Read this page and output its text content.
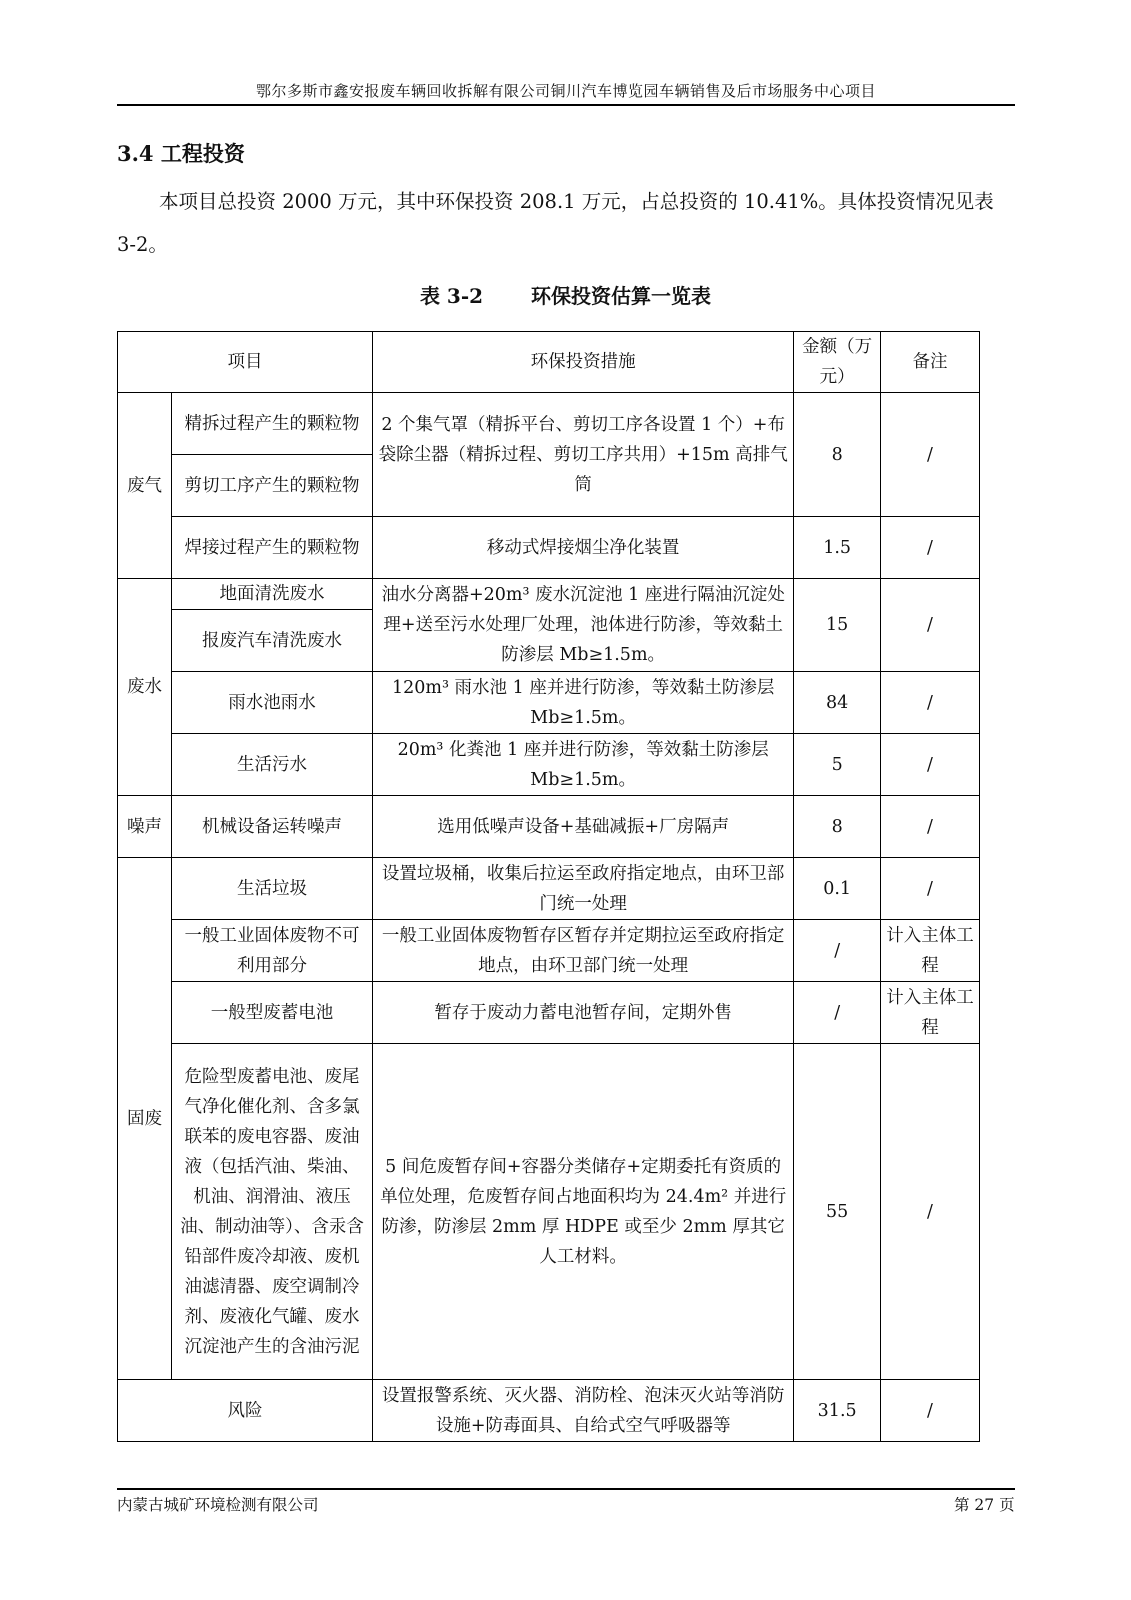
鄂尔多斯市鑫安报废车辆回收拆解有限公司铜川汽车博览园车辆销售及后市场服务中心项目
3.4 工程投资
本项目总投资 2000 万元，其中环保投资 208.1 万元，占总投资的 10.41%。具体投资情况见表 3-2。
表 3-2 环保投资估算一览表
项目		环保投资措施	金额（万元）	备注
废气	精拆过程产生的颗粒物	2 个集气罩（精拆平台、剪切工序各设置 1 个）+布袋除尘器（精拆过程、剪切工序共用）+15m 高排气筒	8	/
	剪切工序产生的颗粒物			
	焊接过程产生的颗粒物	移动式焊接烟尘净化装置	1.5	/
废水	地面清洗废水	油水分离器+20m³ 废水沉淀池 1 座进行隔油沉淀处理+送至污水处理厂处理，池体进行防渗，等效黏土防渗层 Mb≥1.5m。	15	/
	报废汽车清洗废水			
	雨水池雨水	120m³ 雨水池 1 座并进行防渗，等效黏土防渗层 Mb≥1.5m。	84	/
	生活污水	20m³ 化粪池 1 座并进行防渗，等效黏土防渗层 Mb≥1.5m。	5	/
噪声	机械设备运转噪声	选用低噪声设备+基础减振+厂房隔声	8	/
固废	生活垃圾	设置垃圾桶，收集后拉运至政府指定地点，由环卫部门统一处理	0.1	/
	一般工业固体废物不可利用部分	一般工业固体废物暂存区暂存并定期拉运至政府指定地点，由环卫部门统一处理	/	计入主体工程
	一般型废蓄电池	暂存于废动力蓄电池暂存间，定期外售	/	计入主体工程
	危险型废蓄电池、废尾气净化催化剂、含多氯联苯的废电容器、废油液（包括汽油、柴油、机油、润滑油、液压油、制动油等）、含汞含铅部件废冷却液、废机油滤清器、废空调制冷剂、废液化气罐、废水沉淀池产生的含油污泥	5 间危废暂存间+容器分类储存+定期委托有资质的单位处理，危废暂存间占地面积均为 24.4m² 并进行防渗，防渗层 2mm 厚 HDPE 或至少 2mm 厚其它人工材料。	55	/
风险		设置报警系统、灭火器、消防栓、泡沫灭火站等消防设施+防毒面具、自给式空气呼吸器等	31.5	/
内蒙古城矿环境检测有限公司	第 27 页
